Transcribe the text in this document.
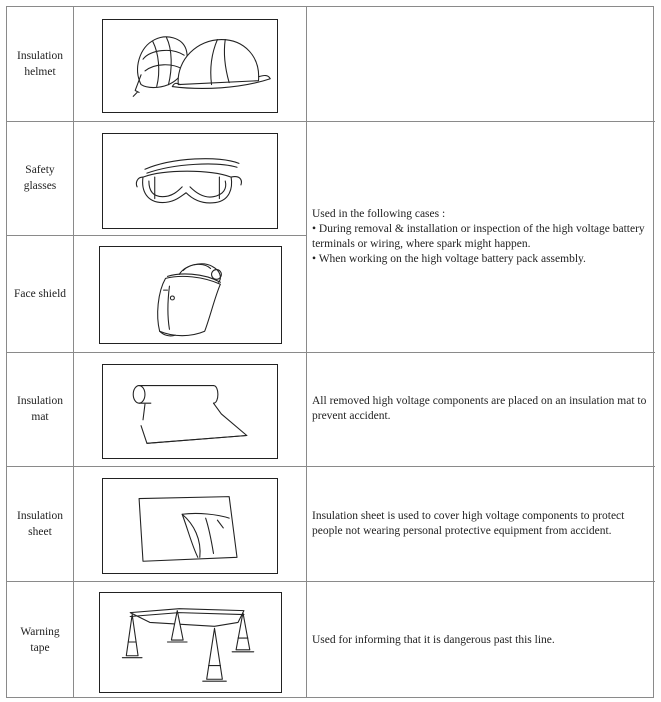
Insulation
helmet
Safety
glasses
Face shield
Insulation
mat
Insulation
sheet
Warning
tape
Used in the following cases :
• During removal & installation or inspection of the high voltage battery terminals or wiring, where spark might happen.
• When working on the high voltage battery pack assembly.
All removed high voltage components are placed on an insulation mat to prevent accident.
Insulation sheet is used to cover high voltage components to protect people not wearing personal protective equipment from accident.
Used for informing that it is dangerous past this line.
